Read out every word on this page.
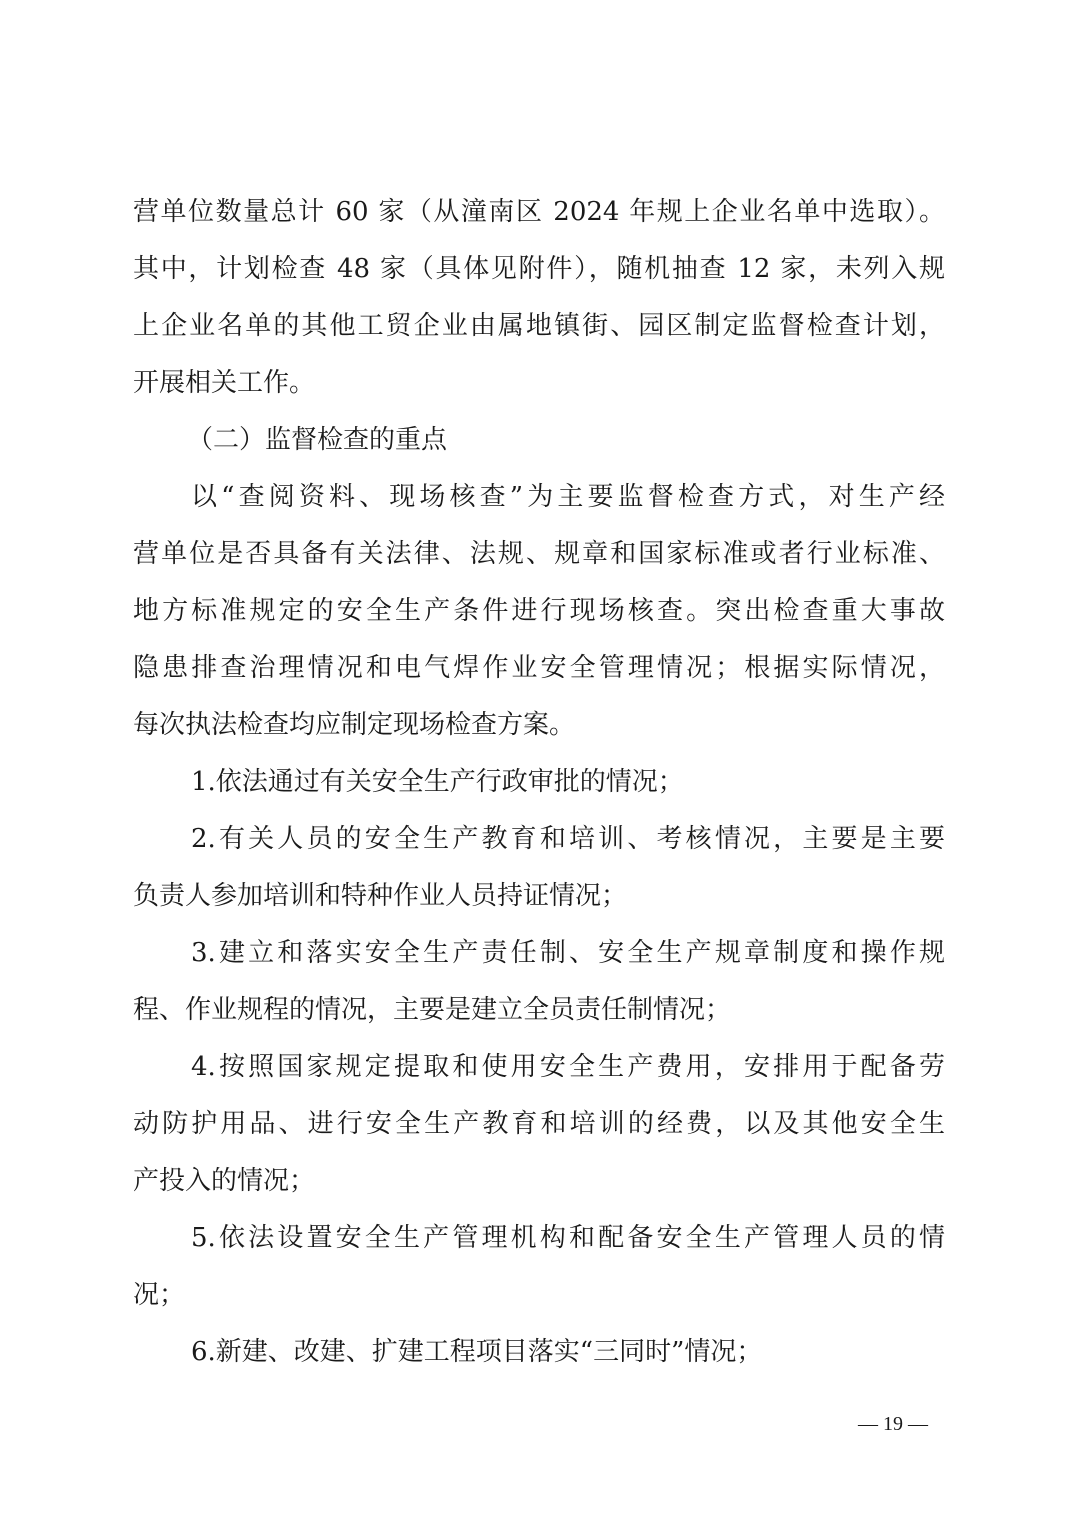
营单位数量总计 60 家（从潼南区 2024 年规上企业名单中选取）。
其中，计划检查 48 家（具体见附件），随机抽查 12 家，未列入规
上企业名单的其他工贸企业由属地镇街、园区制定监督检查计划，
开展相关工作。
（二）监督检查的重点
以“查阅资料、现场核查”为主要监督检查方式，对生产经
营单位是否具备有关法律、法规、规章和国家标准或者行业标准、
地方标准规定的安全生产条件进行现场核查。突出检查重大事故
隐患排查治理情况和电气焊作业安全管理情况；根据实际情况，
每次执法检查均应制定现场检查方案。
1.依法通过有关安全生产行政审批的情况；
2.有关人员的安全生产教育和培训、考核情况，主要是主要
负责人参加培训和特种作业人员持证情况；
3.建立和落实安全生产责任制、安全生产规章制度和操作规
程、作业规程的情况，主要是建立全员责任制情况；
4.按照国家规定提取和使用安全生产费用，安排用于配备劳
动防护用品、进行安全生产教育和培训的经费，以及其他安全生
产投入的情况；
5.依法设置安全生产管理机构和配备安全生产管理人员的情
况；
6.新建、改建、扩建工程项目落实“三同时”情况；
— 19 —
